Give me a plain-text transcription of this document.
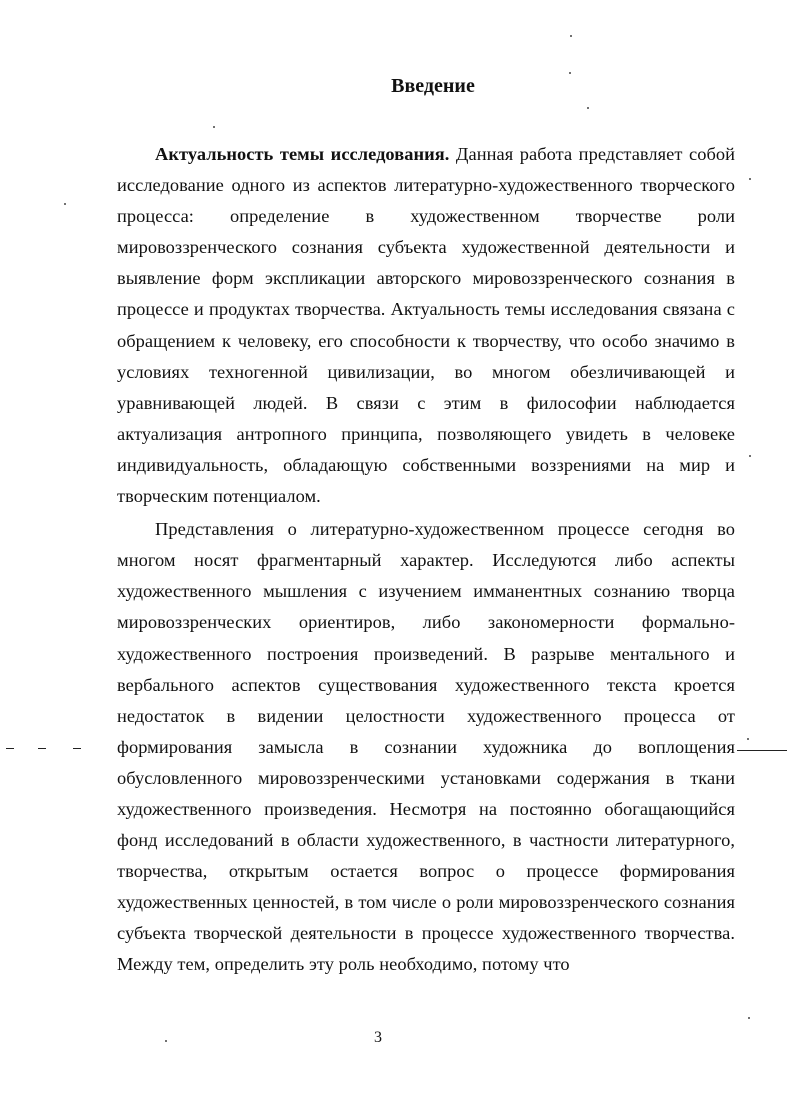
Введение

Актуальность темы исследования. Данная работа представляет собой исследование одного из аспектов литературно-художественного творческого процесса: определение в художественном творчестве роли мировоззренческого сознания субъекта художественной деятельности и выявление форм экспликации авторского мировоззренческого сознания в процессе и продуктах творчества. Актуальность темы исследования связана с обращением к человеку, его способности к творчеству, что особо значимо в условиях техногенной цивилизации, во многом обезличивающей и уравнивающей людей. В связи с этим в философии наблюдается актуализация антропного принципа, позволяющего увидеть в человеке индивидуальность, обладающую собственными воззрениями на мир и творческим потенциалом.

Представления о литературно-художественном процессе сегодня во многом носят фрагментарный характер. Исследуются либо аспекты художественного мышления с изучением имманентных сознанию творца мировоззренческих ориентиров, либо закономерности формально-художественного построения произведений. В разрыве ментального и вербального аспектов существования художественного текста кроется недостаток в видении целостности художественного процесса от формирования замысла в сознании художника до воплощения обусловленного мировоззренческими установками содержания в ткани художественного произведения. Несмотря на постоянно обогащающийся фонд исследований в области художественного, в частности литературного, творчества, открытым остается вопрос о процессе формирования художественных ценностей, в том числе о роли мировоззренческого сознания субъекта творческой деятельности в процессе художественного творчества. Между тем, определить эту роль необходимо, потому что

3
